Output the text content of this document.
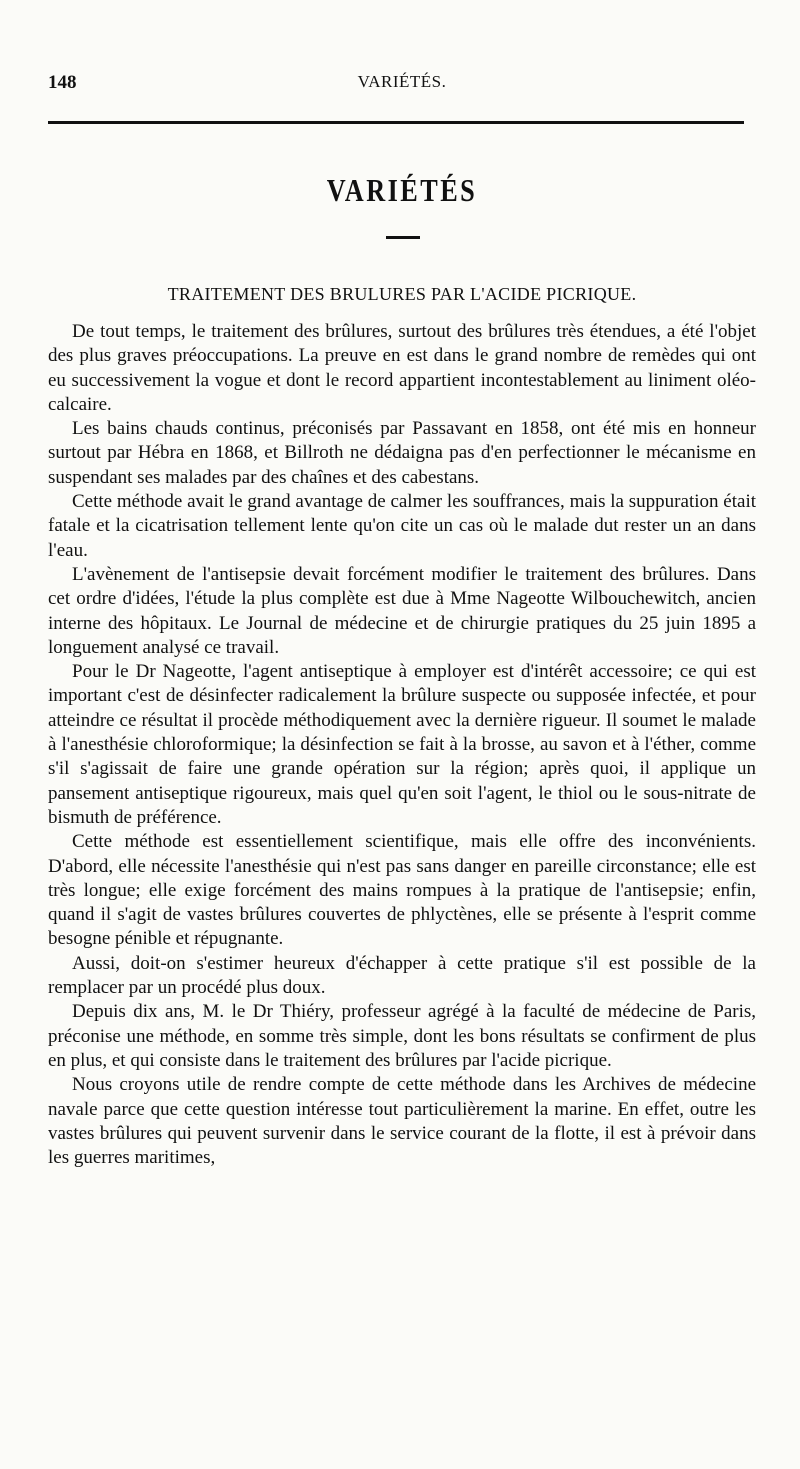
148	VARIÉTÉS.
VARIÉTÉS
TRAITEMENT DES BRULURES PAR L'ACIDE PICRIQUE.

De tout temps, le traitement des brûlures, surtout des brûlures très étendues, a été l'objet des plus graves préoccupations. La preuve en est dans le grand nombre de remèdes qui ont eu successivement la vogue et dont le record appartient incontestablement au liniment oléo-calcaire.

Les bains chauds continus, préconisés par Passavant en 1858, ont été mis en honneur surtout par Hébra en 1868, et Billroth ne dédaigna pas d'en perfectionner le mécanisme en suspendant ses malades par des chaînes et des cabestans.

Cette méthode avait le grand avantage de calmer les souffrances, mais la suppuration était fatale et la cicatrisation tellement lente qu'on cite un cas où le malade dut rester un an dans l'eau.

L'avènement de l'antisepsie devait forcément modifier le traitement des brûlures. Dans cet ordre d'idées, l'étude la plus complète est due à Mme Nageotte Wilbouchewitch, ancien interne des hôpitaux. Le Journal de médecine et de chirurgie pratiques du 25 juin 1895 a longuement analysé ce travail.

Pour le Dr Nageotte, l'agent antiseptique à employer est d'intérêt accessoire; ce qui est important c'est de désinfecter radicalement la brûlure suspecte ou supposée infectée, et pour atteindre ce résultat il procède méthodiquement avec la dernière rigueur. Il soumet le malade à l'anesthésie chloroformique; la désinfection se fait à la brosse, au savon et à l'éther, comme s'il s'agissait de faire une grande opération sur la région; après quoi, il applique un pansement antiseptique rigoureux, mais quel qu'en soit l'agent, le thiol ou le sous-nitrate de bismuth de préférence.

Cette méthode est essentiellement scientifique, mais elle offre des inconvénients. D'abord, elle nécessite l'anesthésie qui n'est pas sans danger en pareille circonstance; elle est très longue; elle exige forcément des mains rompues à la pratique de l'antisepsie; enfin, quand il s'agit de vastes brûlures couvertes de phlyctènes, elle se présente à l'esprit comme besogne pénible et répugnante.

Aussi, doit-on s'estimer heureux d'échapper à cette pratique s'il est possible de la remplacer par un procédé plus doux.

Depuis dix ans, M. le Dr Thiéry, professeur agrégé à la faculté de médecine de Paris, préconise une méthode, en somme très simple, dont les bons résultats se confirment de plus en plus, et qui consiste dans le traitement des brûlures par l'acide picrique.

Nous croyons utile de rendre compte de cette méthode dans les Archives de médecine navale parce que cette question intéresse tout particulièrement la marine. En effet, outre les vastes brûlures qui peuvent survenir dans le service courant de la flotte, il est à prévoir dans les guerres maritimes,
